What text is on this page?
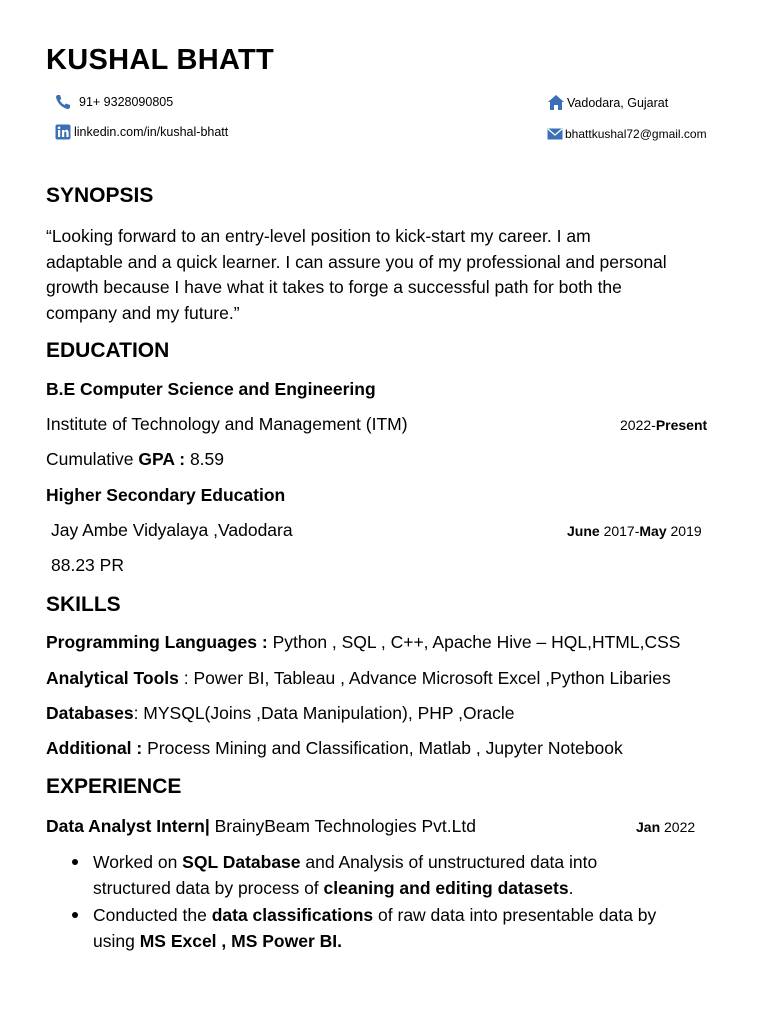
KUSHAL BHATT
91+ 9328090805	Vadodara, Gujarat
linkedin.com/in/kushal-bhatt	bhattkushal72@gmail.com
SYNOPSIS
“Looking forward to an entry-level position to kick-start my career. I am
adaptable and a quick learner. I can assure you of my professional and personal
growth because I have what it takes to forge a successful path for both the
company and my future.”
EDUCATION
B.E Computer Science and Engineering
Institute of Technology and Management (ITM)	2022-Present
Cumulative GPA : 8.59
Higher Secondary Education
Jay Ambe Vidyalaya ,Vadodara	June 2017-May 2019
88.23 PR
SKILLS
Programming Languages : Python , SQL , C++, Apache Hive – HQL,HTML,CSS
Analytical Tools : Power BI, Tableau , Advance Microsoft Excel ,Python Libaries
Databases: MYSQL(Joins ,Data Manipulation), PHP ,Oracle
Additional : Process Mining and Classification, Matlab , Jupyter Notebook
EXPERIENCE
Data Analyst Intern| BrainyBeam Technologies Pvt.Ltd	Jan 2022
Worked on SQL Database and Analysis of unstructured data into
structured data by process of cleaning and editing datasets.
Conducted the data classifications of raw data into presentable data by
using MS Excel , MS Power BI.
